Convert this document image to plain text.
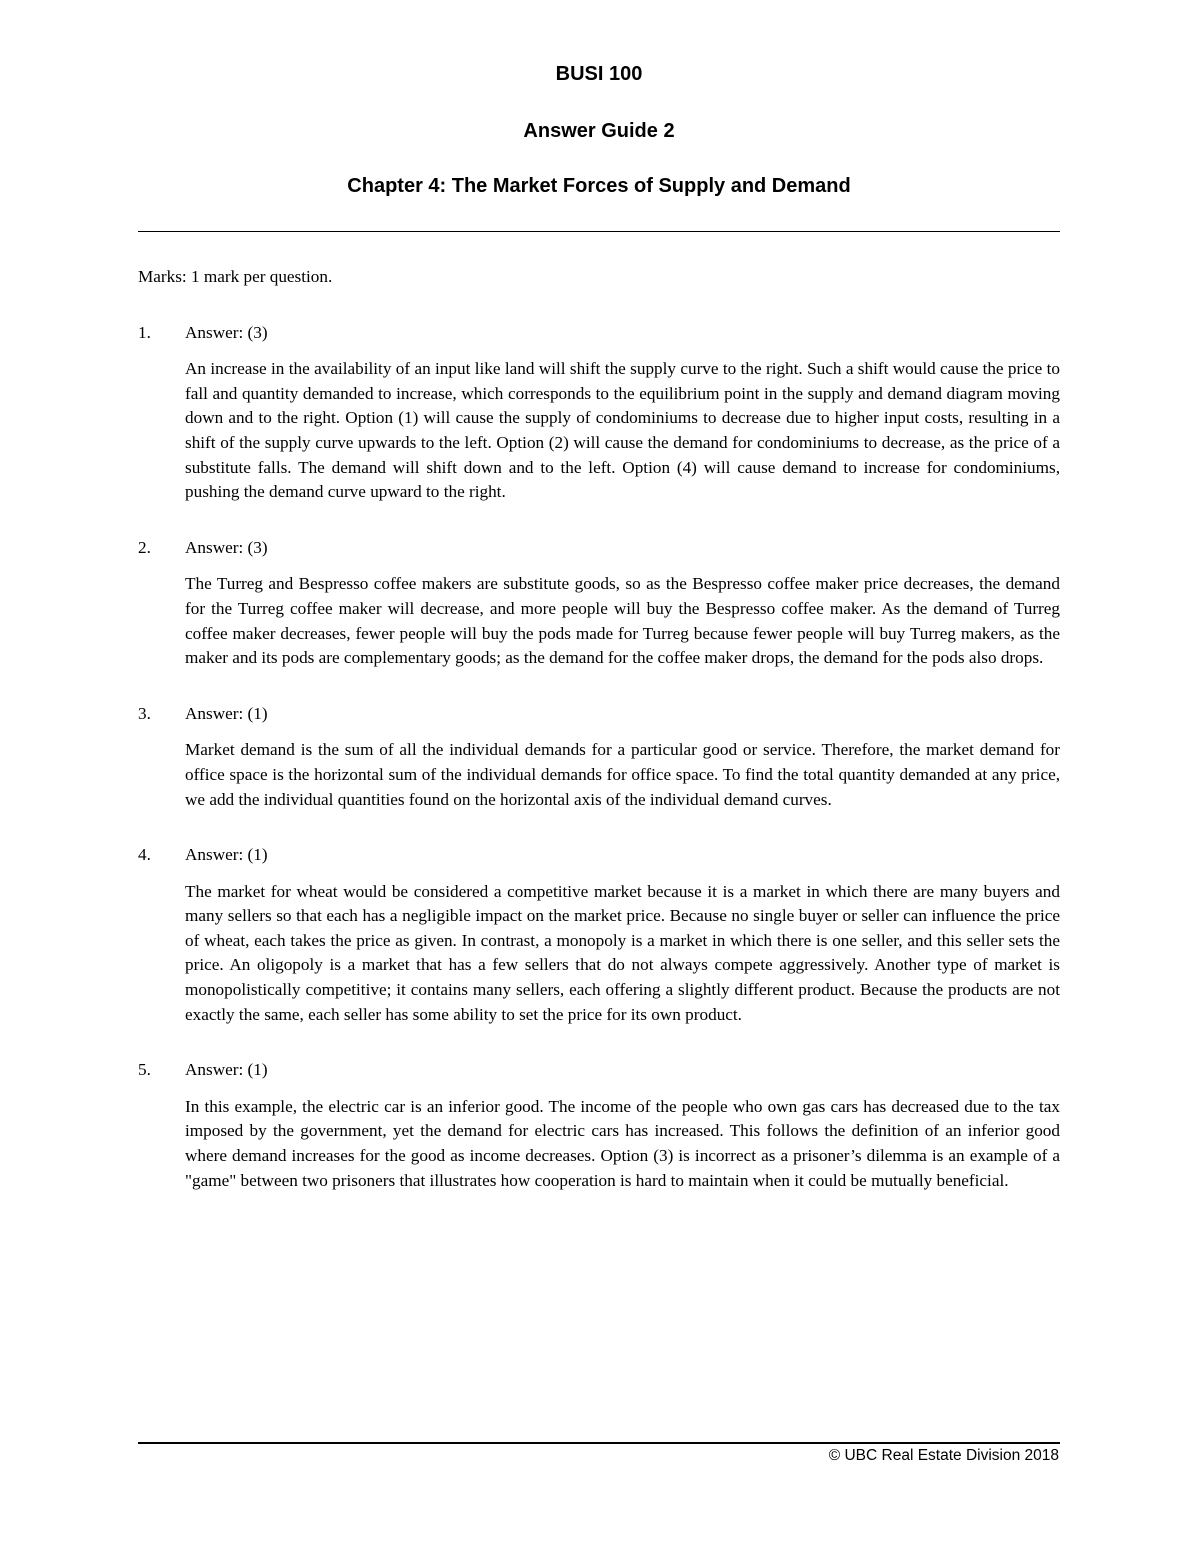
BUSI 100
Answer Guide 2
Chapter 4: The Market Forces of Supply and Demand

Marks: 1 mark per question.

1.	Answer: (3)

An increase in the availability of an input like land will shift the supply curve to the right. Such a shift would cause the price to fall and quantity demanded to increase, which corresponds to the equilibrium point in the supply and demand diagram moving down and to the right. Option (1) will cause the supply of condominiums to decrease due to higher input costs, resulting in a shift of the supply curve upwards to the left. Option (2) will cause the demand for condominiums to decrease, as the price of a substitute falls. The demand will shift down and to the left. Option (4) will cause demand to increase for condominiums, pushing the demand curve upward to the right.

2.	Answer: (3)

The Turreg and Bespresso coffee makers are substitute goods, so as the Bespresso coffee maker price decreases, the demand for the Turreg coffee maker will decrease, and more people will buy the Bespresso coffee maker. As the demand of Turreg coffee maker decreases, fewer people will buy the pods made for Turreg because fewer people will buy Turreg makers, as the maker and its pods are complementary goods; as the demand for the coffee maker drops, the demand for the pods also drops.

3.	Answer: (1)

Market demand is the sum of all the individual demands for a particular good or service. Therefore, the market demand for office space is the horizontal sum of the individual demands for office space. To find the total quantity demanded at any price, we add the individual quantities found on the horizontal axis of the individual demand curves.

4.	Answer: (1)

The market for wheat would be considered a competitive market because it is a market in which there are many buyers and many sellers so that each has a negligible impact on the market price. Because no single buyer or seller can influence the price of wheat, each takes the price as given. In contrast, a monopoly is a market in which there is one seller, and this seller sets the price. An oligopoly is a market that has a few sellers that do not always compete aggressively. Another type of market is monopolistically competitive; it contains many sellers, each offering a slightly different product. Because the products are not exactly the same, each seller has some ability to set the price for its own product.

5.	Answer: (1)

In this example, the electric car is an inferior good. The income of the people who own gas cars has decreased due to the tax imposed by the government, yet the demand for electric cars has increased. This follows the definition of an inferior good where demand increases for the good as income decreases. Option (3) is incorrect as a prisoner’s dilemma is an example of a "game" between two prisoners that illustrates how cooperation is hard to maintain when it could be mutually beneficial.

© UBC Real Estate Division 2018
